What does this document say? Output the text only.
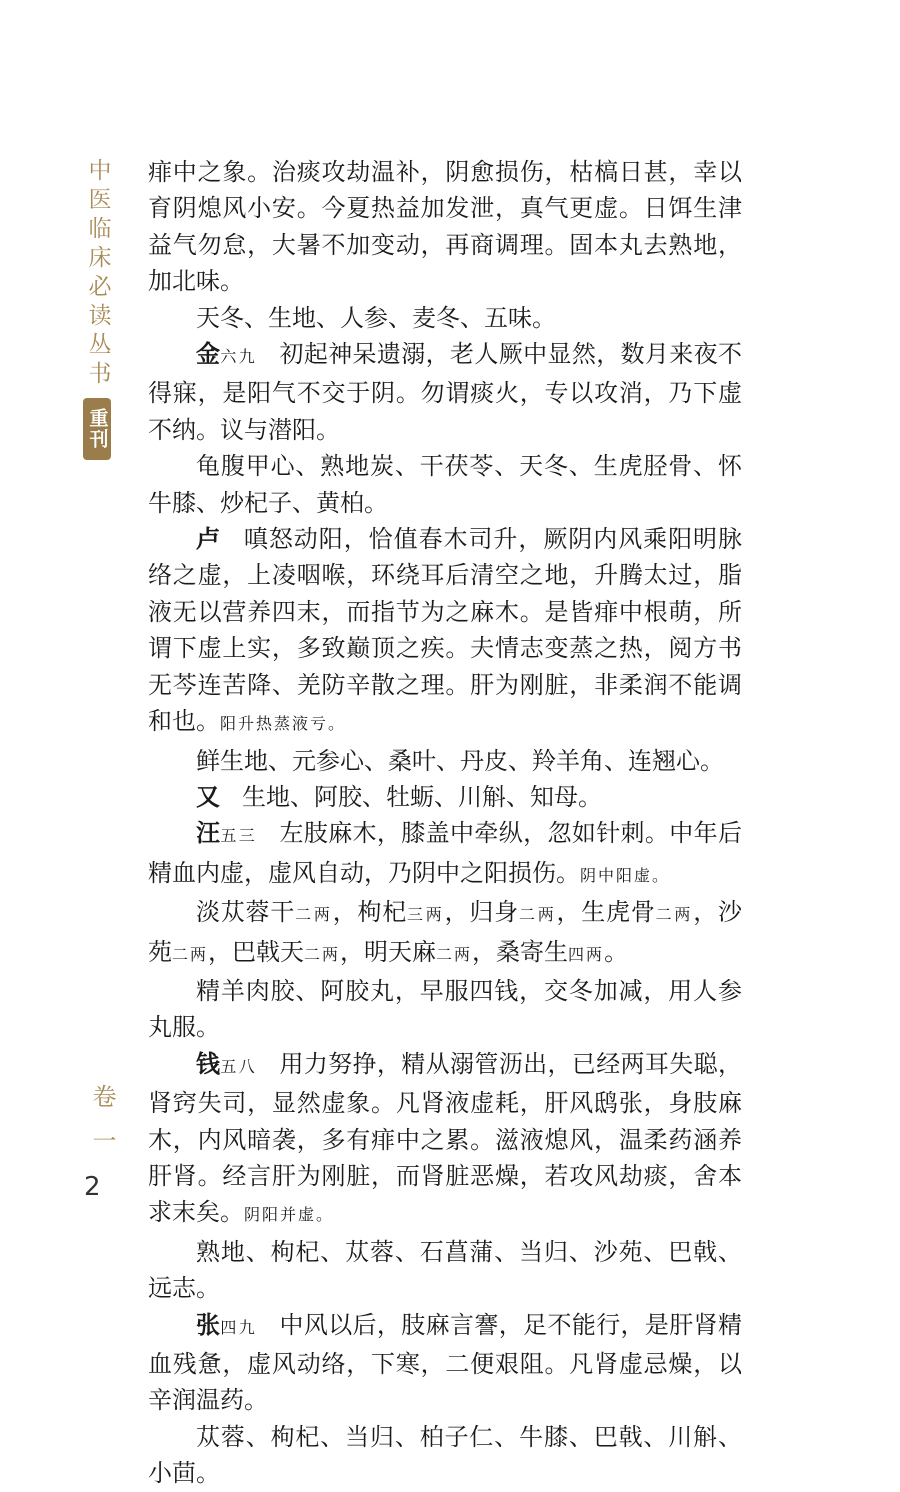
中医临床必读丛书
重刊
卷一
2

痱中之象。治痰攻劫温补，阴愈损伤，枯槁日甚，幸以育阴熄风小安。今夏热益加发泄，真气更虚。日饵生津益气勿怠，大暑不加变动，再商调理。固本丸去熟地，加北味。

天冬、生地、人参、麦冬、五味。

金六九 初起神呆遗溺，老人厥中显然，数月来夜不得寐，是阳气不交于阴。勿谓痰火，专以攻消，乃下虚不纳。议与潜阳。

龟腹甲心、熟地炭、干茯苓、天冬、生虎胫骨、怀牛膝、炒杞子、黄柏。

卢 嗔怒动阳，恰值春木司升，厥阴内风乘阳明脉络之虚，上凌咽喉，环绕耳后清空之地，升腾太过，脂液无以营养四末，而指节为之麻木。是皆痱中根萌，所谓下虚上实，多致巅顶之疾。夫情志变蒸之热，阅方书无芩连苦降、羌防辛散之理。肝为刚脏，非柔润不能调和也。阳升热蒸液亏。

鲜生地、元参心、桑叶、丹皮、羚羊角、连翘心。

又 生地、阿胶、牡蛎、川斛、知母。

汪五三 左肢麻木，膝盖中牵纵，忽如针刺。中年后精血内虚，虚风自动，乃阴中之阳损伤。阴中阳虚。

淡苁蓉干二两，枸杞三两，归身二两，生虎骨二两，沙苑二两，巴戟天二两，明天麻二两，桑寄生四两。

精羊肉胶、阿胶丸，早服四钱，交冬加减，用人参丸服。

钱五八 用力努挣，精从溺管沥出，已经两耳失聪，肾窍失司，显然虚象。凡肾液虚耗，肝风鸱张，身肢麻木，内风暗袭，多有痱中之累。滋液熄风，温柔药涵养肝肾。经言肝为刚脏，而肾脏恶燥，若攻风劫痰，舍本求末矣。阴阳并虚。

熟地、枸杞、苁蓉、石菖蒲、当归、沙苑、巴戟、远志。

张四九 中风以后，肢麻言謇，足不能行，是肝肾精血残惫，虚风动络，下寒，二便艰阻。凡肾虚忌燥，以辛润温药。

苁蓉、枸杞、当归、柏子仁、牛膝、巴戟、川斛、小茴。
